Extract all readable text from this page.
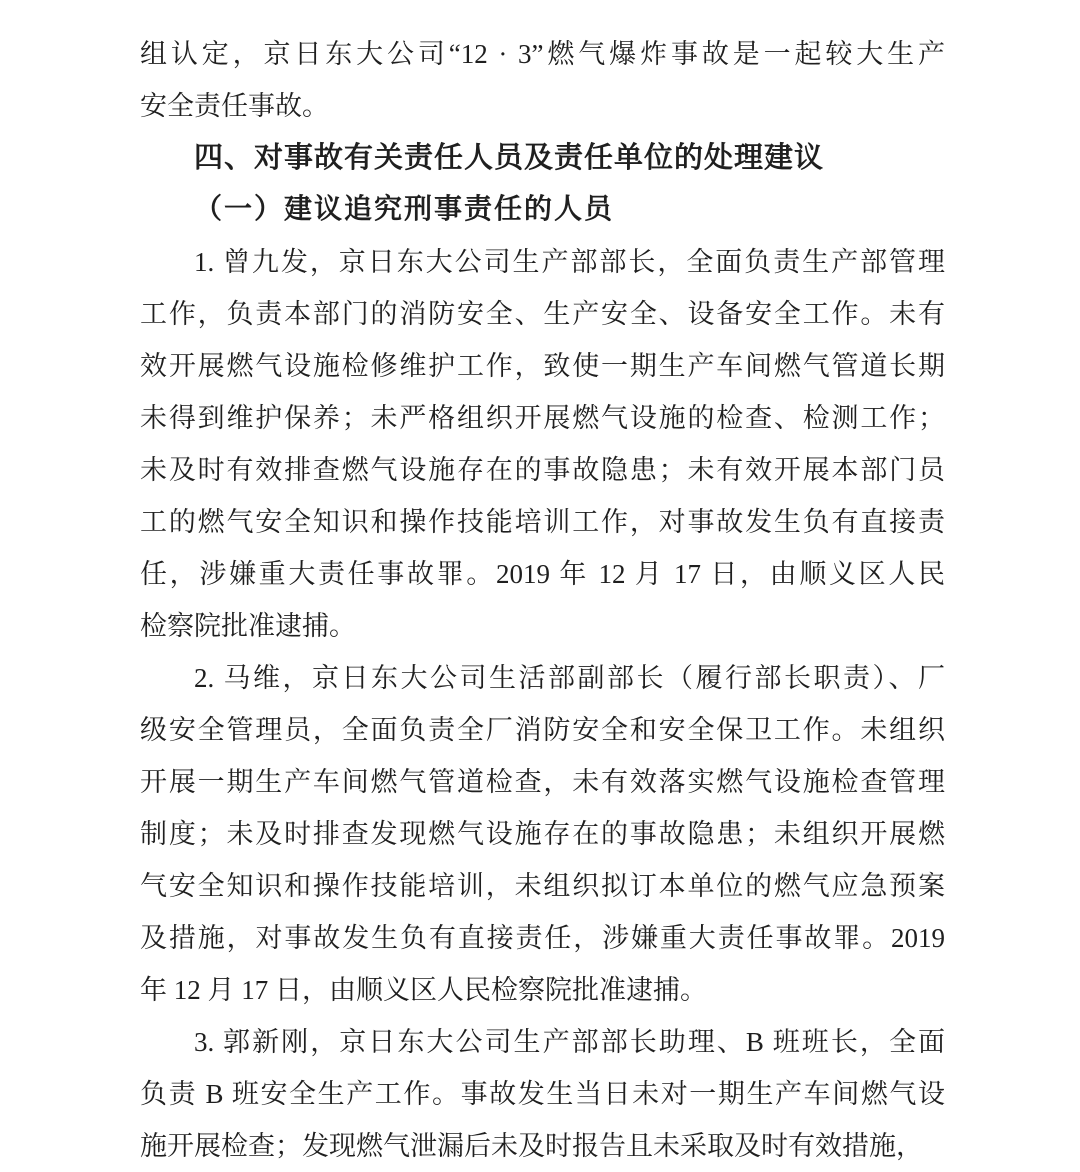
组认定，京日东大公司“12 · 3”燃气爆炸事故是一起较大生产
安全责任事故。
四、对事故有关责任人员及责任单位的处理建议
（一）建议追究刑事责任的人员
1. 曾九发，京日东大公司生产部部长，全面负责生产部管理
工作，负责本部门的消防安全、生产安全、设备安全工作。未有
效开展燃气设施检修维护工作，致使一期生产车间燃气管道长期
未得到维护保养；未严格组织开展燃气设施的检查、检测工作；
未及时有效排查燃气设施存在的事故隐患；未有效开展本部门员
工的燃气安全知识和操作技能培训工作，对事故发生负有直接责
任，涉嫌重大责任事故罪。2019 年 12 月 17 日，由顺义区人民
检察院批准逮捕。
2. 马维，京日东大公司生活部副部长（履行部长职责）、厂
级安全管理员，全面负责全厂消防安全和安全保卫工作。未组织
开展一期生产车间燃气管道检查，未有效落实燃气设施检查管理
制度；未及时排查发现燃气设施存在的事故隐患；未组织开展燃
气安全知识和操作技能培训，未组织拟订本单位的燃气应急预案
及措施，对事故发生负有直接责任，涉嫌重大责任事故罪。2019
年 12 月 17 日，由顺义区人民检察院批准逮捕。
3. 郭新刚，京日东大公司生产部部长助理、B 班班长，全面
负责 B 班安全生产工作。事故发生当日未对一期生产车间燃气设
施开展检查；发现燃气泄漏后未及时报告且未采取及时有效措施，
